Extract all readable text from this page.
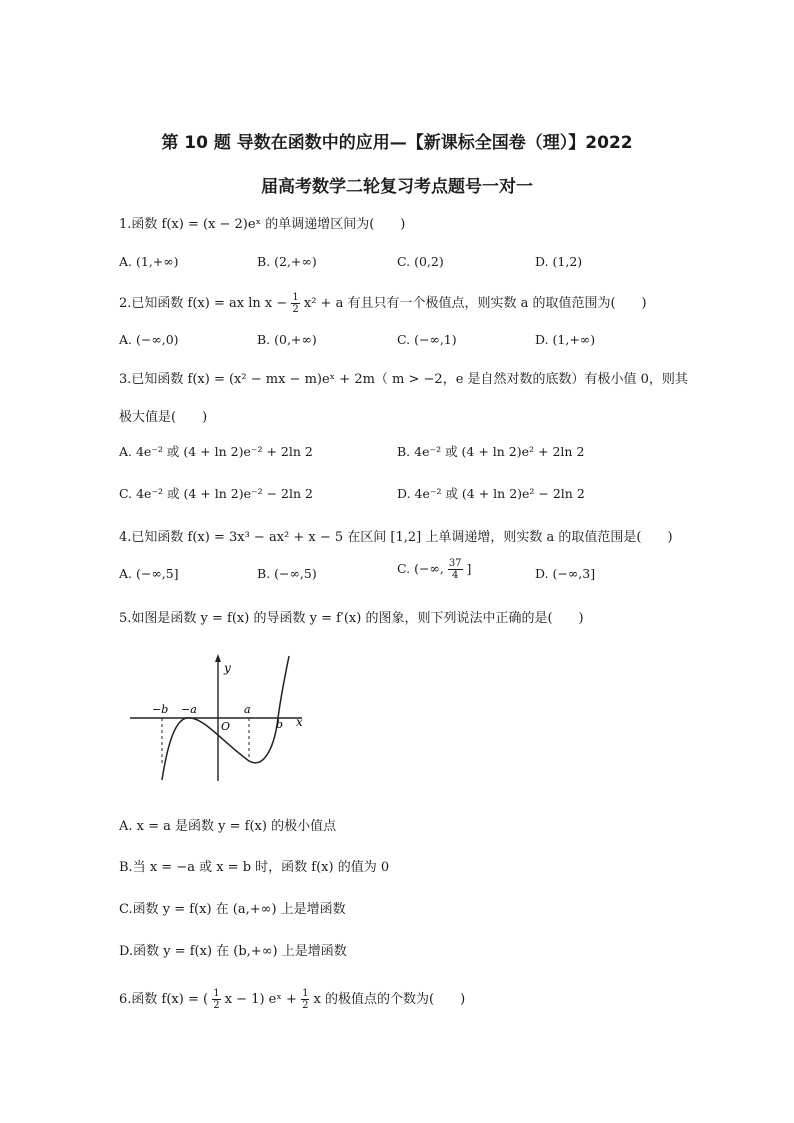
第 10 题 导数在函数中的应用—【新课标全国卷（理）】2022
届高考数学二轮复习考点题号一对一
1.函数 f(x) = (x − 2)eˣ 的单调递增区间为(　　)
A. (1,+∞)	B. (2,+∞)	C. (0,2)	D. (1,2)
2.已知函数 f(x) = ax $\ln x - \frac{1}{2} x^2 + a$ 有且只有一个极值点，则实数 a 的取值范围为(　　)
A. (−∞,0)	B. (0,+∞)	C. (−∞,1)	D. (1,+∞)
3.已知函数 f(x) = (x² − mx − m)eˣ + 2m（ m > −2，e 是自然对数的底数）有极小值 0，则其
极大值是(　　)
A. 4e⁻² 或 (4 + ln 2)e⁻² + 2ln 2	B. 4e⁻² 或 (4 + ln 2)e² + 2ln 2
C. 4e⁻² 或 (4 + ln 2)e⁻² − 2ln 2	D. 4e⁻² 或 (4 + ln 2)e² − 2ln 2
4.已知函数 f(x) = 3x³ − ax² + x − 5 在区间 [1,2] 上单调递增，则实数 a 的取值范围是(　　)
A. (−∞,5]	B. (−∞,5)	C. (−∞, $\frac{37}{4}$ ]	D. (−∞,3]
5.如图是函数 y = f(x) 的导函数 y = f′(x) 的图象，则下列说法中正确的是(　　)
y
x
O
−b −a	a
b
A. x = a 是函数 y = f(x) 的极小值点
B.当 x = −a 或 x = b 时，函数 f(x) 的值为 0
C.函数 y = f(x) 在 (a,+∞) 上是增函数
D.函数 y = f(x) 在 (b,+∞) 上是增函数
6.函数 f(x) = ( $\frac{1}{2}$ x − 1) eˣ + $\frac{1}{2}$ x 的极值点的个数为(　　)
